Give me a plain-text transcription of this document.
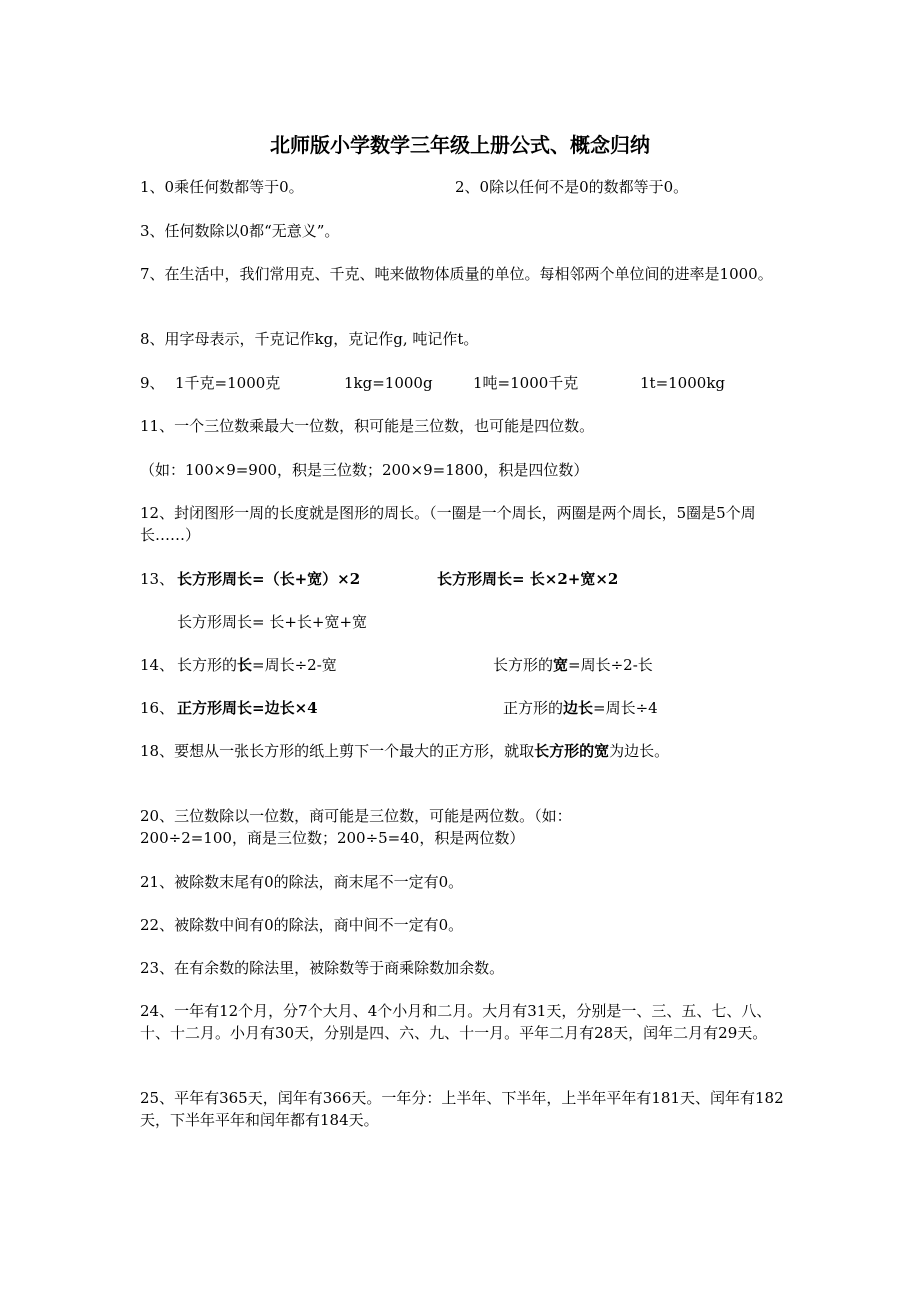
北师版小学数学三年级上册公式、概念归纳
1、0乘任何数都等于0。	2、0除以任何不是0的数都等于0。
3、任何数除以0都“无意义”。
7、在生活中，我们常用克、千克、吨来做物体质量的单位。每相邻两个单位间的进率是1000。
8、用字母表示，千克记作kg，克记作g, 吨记作t。
9、 1千克=1000克	1kg=1000g	1吨=1000千克	1t=1000kg
11、一个三位数乘最大一位数，积可能是三位数，也可能是四位数。
（如：100×9=900，积是三位数；200×9=1800，积是四位数）
12、封闭图形一周的长度就是图形的周长。（一圈是一个周长，两圈是两个周长，5圈是5个周长……）
13、 长方形周长=（长+宽）×2	长方形周长= 长×2+宽×2
长方形周长= 长+长+宽+宽
14、 长方形的长=周长÷2-宽	长方形的宽=周长÷2-长
16、 正方形周长=边长×4	正方形的边长=周长÷4
18、要想从一张长方形的纸上剪下一个最大的正方形，就取长方形的宽为边长。
20、三位数除以一位数，商可能是三位数，可能是两位数。（如：
200÷2=100，商是三位数；200÷5=40，积是两位数）
21、被除数末尾有0的除法，商末尾不一定有0。
22、被除数中间有0的除法，商中间不一定有0。
23、在有余数的除法里，被除数等于商乘除数加余数。
24、一年有12个月，分7个大月、4个小月和二月。大月有31天，分别是一、三、五、七、八、十、十二月。小月有30天，分别是四、六、九、十一月。平年二月有28天，闰年二月有29天。
25、平年有365天，闰年有366天。一年分：上半年、下半年，上半年平年有181天、闰年有182天，下半年平年和闰年都有184天。
